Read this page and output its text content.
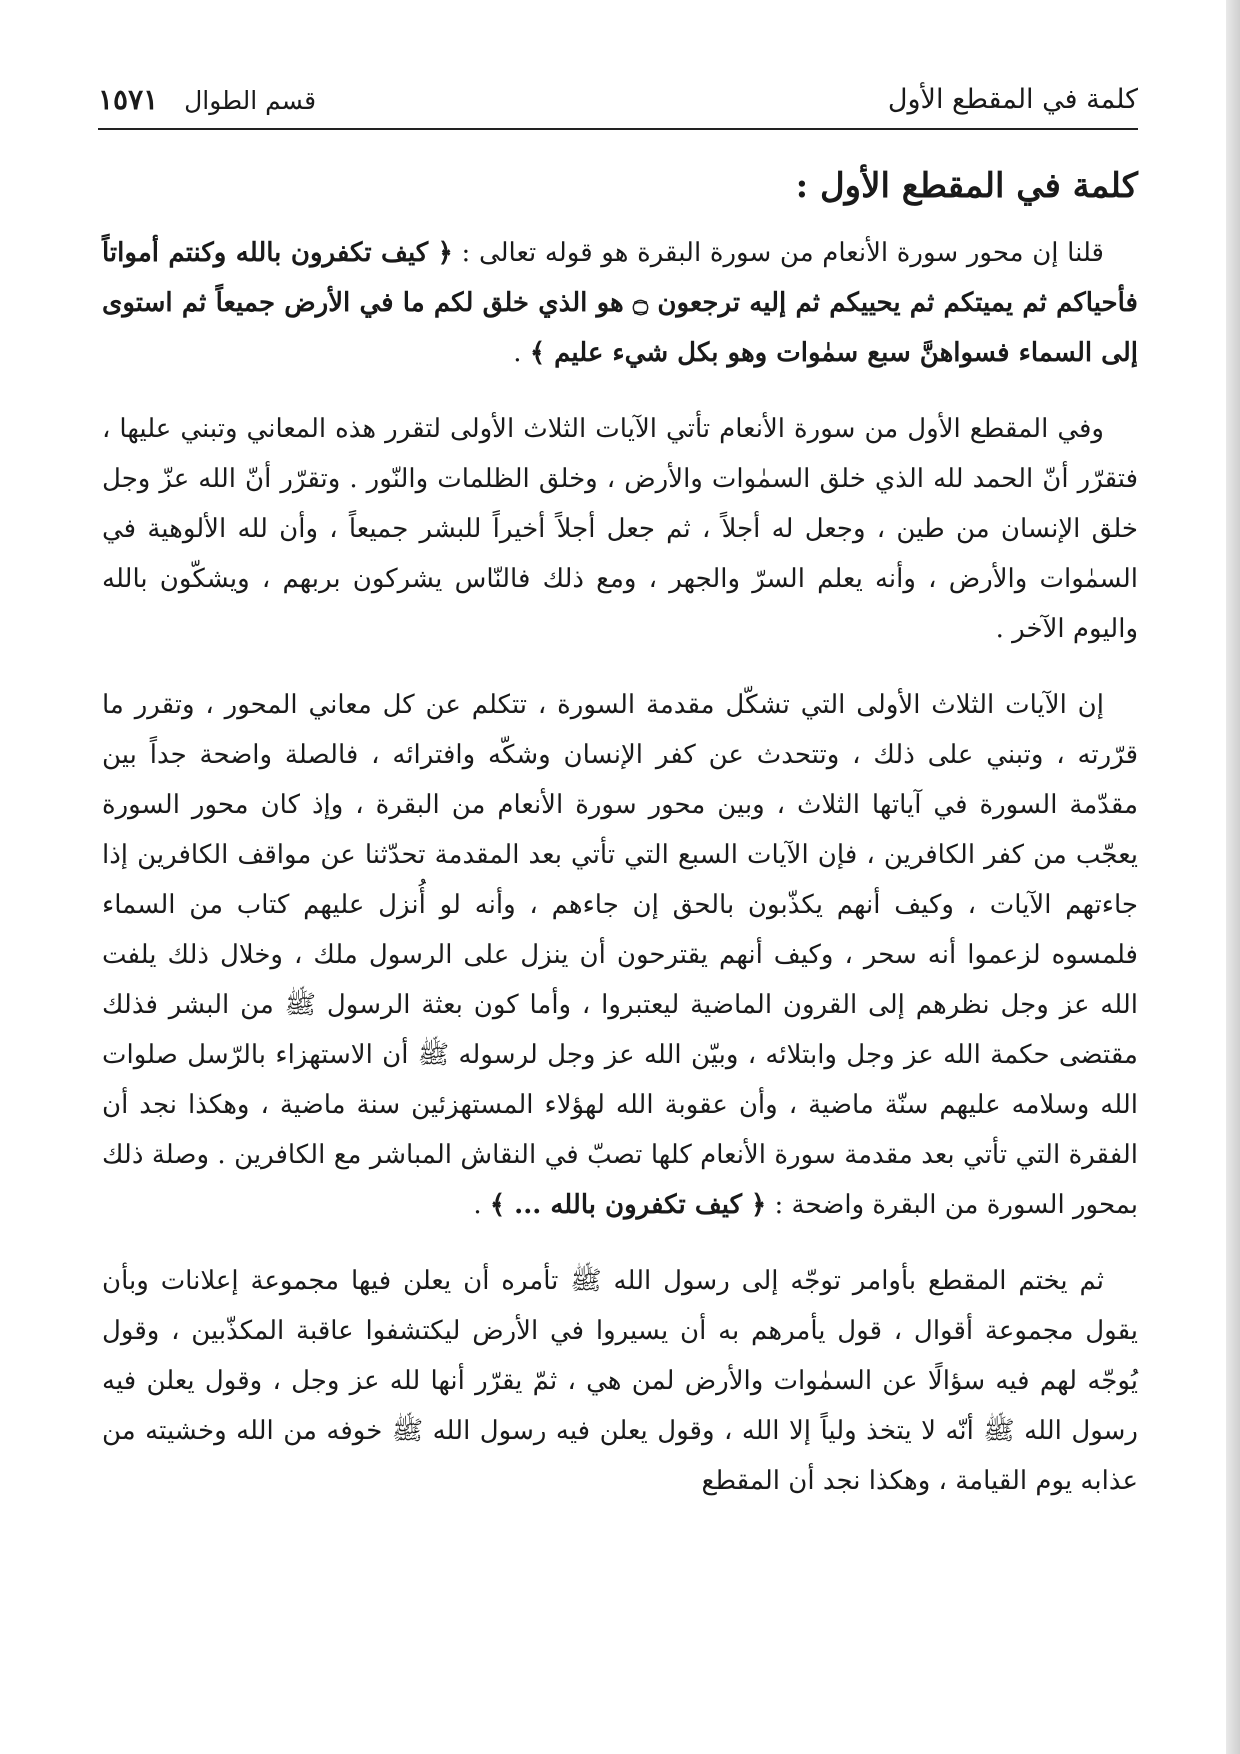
كلمة في المقطع الأول
قسم الطوال ١٥٧١
كلمة في المقطع الأول :

قلنا إن محور سورة الأنعام من سورة البقرة هو قوله تعالى : ﴿ كيف تكفرون بالله وكنتم أمواتاً فأحياكم ثم يميتكم ثم يحييكم ثم إليه ترجعون ۝ هو الذي خلق لكم ما في الأرض جميعاً ثم استوى إلى السماء فسواهنَّ سبع سمٰوات وهو بكل شيء عليم ﴾ .

وفي المقطع الأول من سورة الأنعام تأتي الآيات الثلاث الأولى لتقرر هذه المعاني وتبني عليها ، فتقرّر أنّ الحمد لله الذي خلق السمٰوات والأرض ، وخلق الظلمات والنّور . وتقرّر أنّ الله عزّ وجل خلق الإنسان من طين ، وجعل له أجلاً ، ثم جعل أجلاً أخيراً للبشر جميعاً ، وأن لله الألوهية في السمٰوات والأرض ، وأنه يعلم السرّ والجهر ، ومع ذلك فالنّاس يشركون بربهم ، ويشكّون بالله واليوم الآخر .

إن الآيات الثلاث الأولى التي تشكّل مقدمة السورة ، تتكلم عن كل معاني المحور ، وتقرر ما قرّرته ، وتبني على ذلك ، وتتحدث عن كفر الإنسان وشكّه وافترائه ، فالصلة واضحة جداً بين مقدّمة السورة في آياتها الثلاث ، وبين محور سورة الأنعام من البقرة ، وإذ كان محور السورة يعجّب من كفر الكافرين ، فإن الآيات السبع التي تأتي بعد المقدمة تحدّثنا عن مواقف الكافرين إذا جاءتهم الآيات ، وكيف أنهم يكذّبون بالحق إن جاءهم ، وأنه لو أُنزل عليهم كتاب من السماء فلمسوه لزعموا أنه سحر ، وكيف أنهم يقترحون أن ينزل على الرسول ملك ، وخلال ذلك يلفت الله عز وجل نظرهم إلى القرون الماضية ليعتبروا ، وأما كون بعثة الرسول ﷺ من البشر فذلك مقتضى حكمة الله عز وجل وابتلائه ، وبيّن الله عز وجل لرسوله ﷺ أن الاستهزاء بالرّسل صلوات الله وسلامه عليهم سنّة ماضية ، وأن عقوبة الله لهؤلاء المستهزئين سنة ماضية ، وهكذا نجد أن الفقرة التي تأتي بعد مقدمة سورة الأنعام كلها تصبّ في النقاش المباشر مع الكافرين . وصلة ذلك بمحور السورة من البقرة واضحة : ﴿ كيف تكفرون بالله ... ﴾ .

ثم يختم المقطع بأوامر توجّه إلى رسول الله ﷺ تأمره أن يعلن فيها مجموعة إعلانات وبأن يقول مجموعة أقوال ، قول يأمرهم به أن يسيروا في الأرض ليكتشفوا عاقبة المكذّبين ، وقول يُوجّه لهم فيه سؤالًا عن السمٰوات والأرض لمن هي ، ثمّ يقرّر أنها لله عز وجل ، وقول يعلن فيه رسول الله ﷺ أنّه لا يتخذ ولياً إلا الله ، وقول يعلن فيه رسول الله ﷺ خوفه من الله وخشيته من عذابه يوم القيامة ، وهكذا نجد أن المقطع
